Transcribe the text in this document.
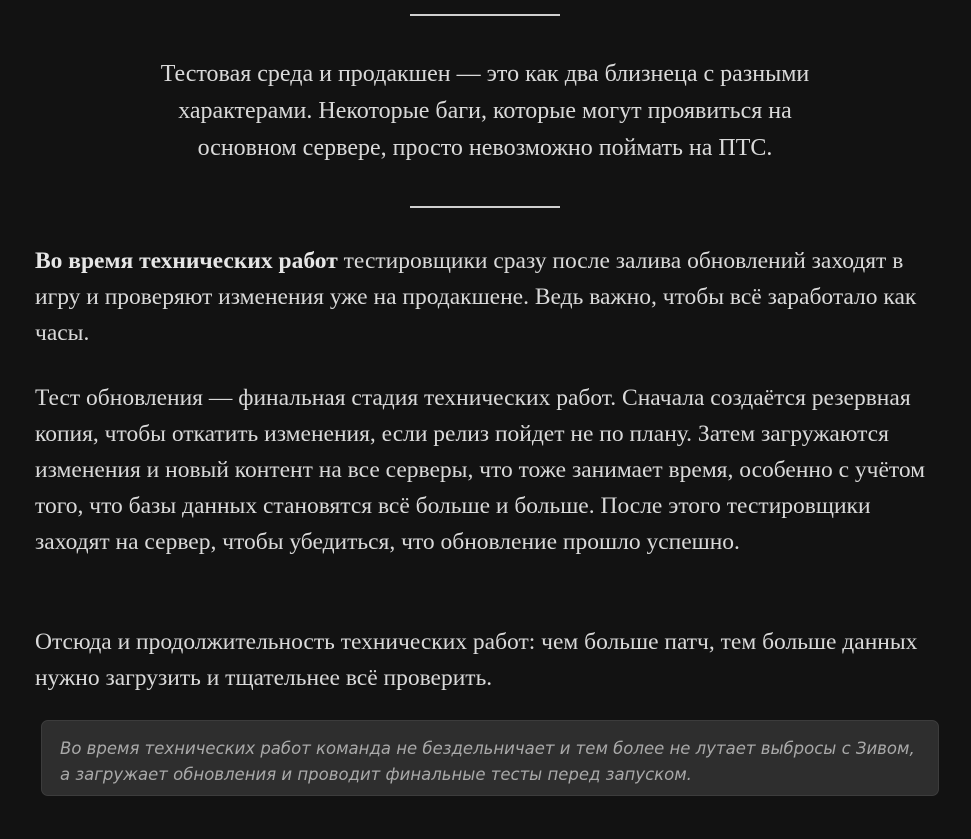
Тестовая среда и продакшен — это как два близнеца с разными
характерами. Некоторые баги, которые могут проявиться на
основном сервере, просто невозможно поймать на ПТС.

Во время технических работ тестировщики сразу после залива обновлений заходят в игру и проверяют изменения уже на продакшене. Ведь важно, чтобы всё заработало как часы.

Тест обновления — финальная стадия технических работ. Сначала создаётся резервная копия, чтобы откатить изменения, если релиз пойдет не по плану. Затем загружаются изменения и новый контент на все серверы, что тоже занимает время, особенно с учётом того, что базы данных становятся всё больше и больше. После этого тестировщики заходят на сервер, чтобы убедиться, что обновление прошло успешно.

Отсюда и продолжительность технических работ: чем больше патч, тем больше данных нужно загрузить и тщательнее всё проверить.

Во время технических работ команда не бездельничает и тем более не лутает выбросы с Зивом, а загружает обновления и проводит финальные тесты перед запуском.
